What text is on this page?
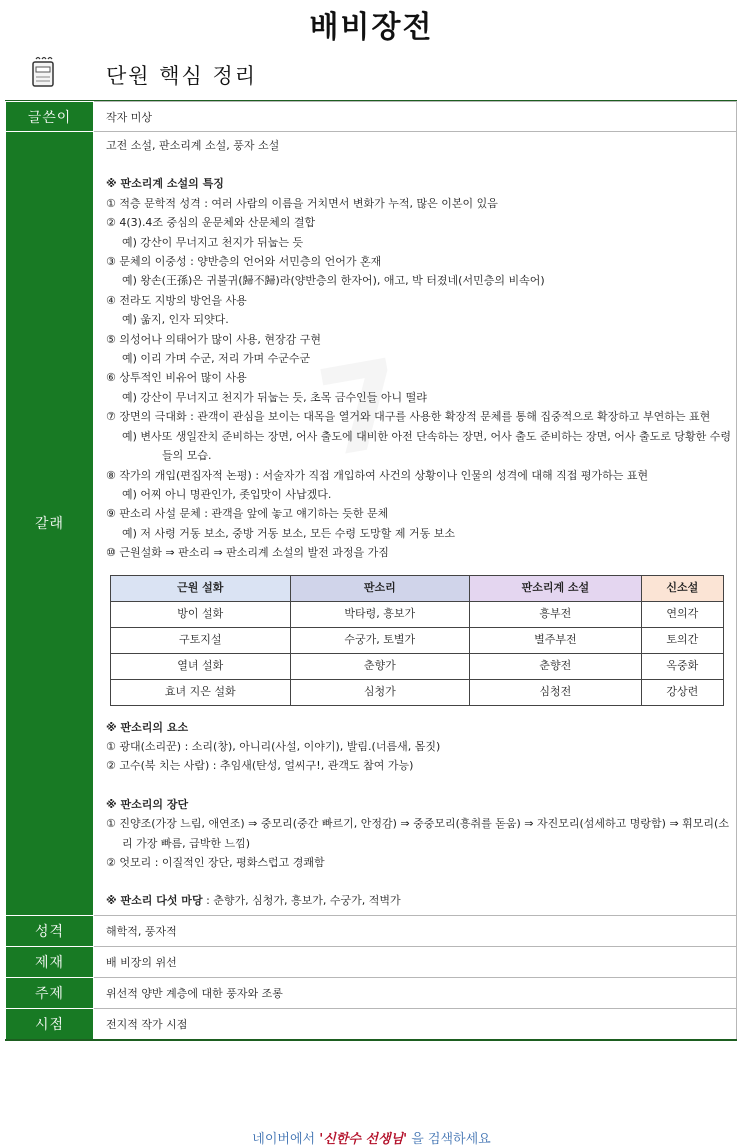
배비장전
단원 핵심 정리
글쓴이	작자 미상
갈래	
고전 소설, 판소리계 소설, 풍자 소설
※ 판소리계 소설의 특징
① 적층 문학적 성격 : 여러 사람의 이름을 거치면서 변화가 누적, 많은 이본이 있음
② 4(3).4조 중심의 운문체와 산문체의 결합
예) 강산이 무너지고 천지가 뒤눕는 듯
③ 문체의 이중성 : 양반층의 언어와 서민층의 언어가 혼재
예) 왕손(王孫)은 귀불귀(歸不歸)라(양반층의 한자어), 애고, 박 터졌네(서민층의 비속어)
④ 전라도 지방의 방언을 사용
예) 욺지, 인자 되얏다.
⑤ 의성어나 의태어가 많이 사용, 현장감 구현
예) 이리 가며 수군, 저리 가며 수군수군
⑥ 상투적인 비유어 많이 사용
예) 강산이 무너지고 천지가 뒤눕는 듯, 초목 금수인들 아니 떨랴
⑦ 장면의 극대화 : 관객이 관심을 보이는 대목을 열거와 대구를 사용한 확장적 문체를 통해 집중적으로 확장하고 부연하는 표현
예) 변사또 생일잔치 준비하는 장면, 어사 출도에 대비한 아전 단속하는 장면, 어사 출도 준비하는 장면, 어사 출도로 당황한 수령들의 모습.
⑧ 작가의 개입(편집자적 논평) : 서술자가 직접 개입하여 사건의 상황이나 인물의 성격에 대해 직접 평가하는 표현
예) 어찌 아니 명관인가, 좃입맛이 사납겠다.
⑨ 판소리 사설 문체 : 관객을 앞에 놓고 얘기하는 듯한 문체
예) 저 사령 거동 보소, 중방 거동 보소, 모든 수령 도망할 제 거동 보소
⑩ 근원설화 ⇒ 판소리 ⇒ 판소리계 소설의 발전 과정을 가짐
근원 설화	판소리	판소리계 소설	신소설
방이 설화	박타령, 흥보가	흥부전	연의각
구토지설	수궁가, 토별가	별주부전	토의간
열녀 설화	춘향가	춘향전	옥중화
효녀 지은 설화	심청가	심청전	강상련
※ 판소리의 요소
① 광대(소리꾼) : 소리(창), 아니리(사설, 이야기), 발림.(너름새, 몸짓)
② 고수(북 치는 사람) : 추임새(탄성, 얼씨구!, 관객도 참여 가능)
※ 판소리의 장단
① 진양조(가장 느림, 애연조) ⇒ 중모리(중간 빠르기, 안정감) ⇒ 중중모리(흥취를 돋움) ⇒ 자진모리(섬세하고 명랑함) ⇒ 휘모리(소리 가장 빠름, 급박한 느낌)
② 엇모리 : 이질적인 장단, 평화스럽고 경쾌함
※ 판소리 다섯 마당 : 춘향가, 심청가, 흥보가, 수궁가, 적벽가

성격	해학적, 풍자적
제재	배 비장의 위선
주제	위선적 양반 계층에 대한 풍자와 조롱
시점	전지적 작가 시점
네이버에서 '신한수 선생님' 을 검색하세요
